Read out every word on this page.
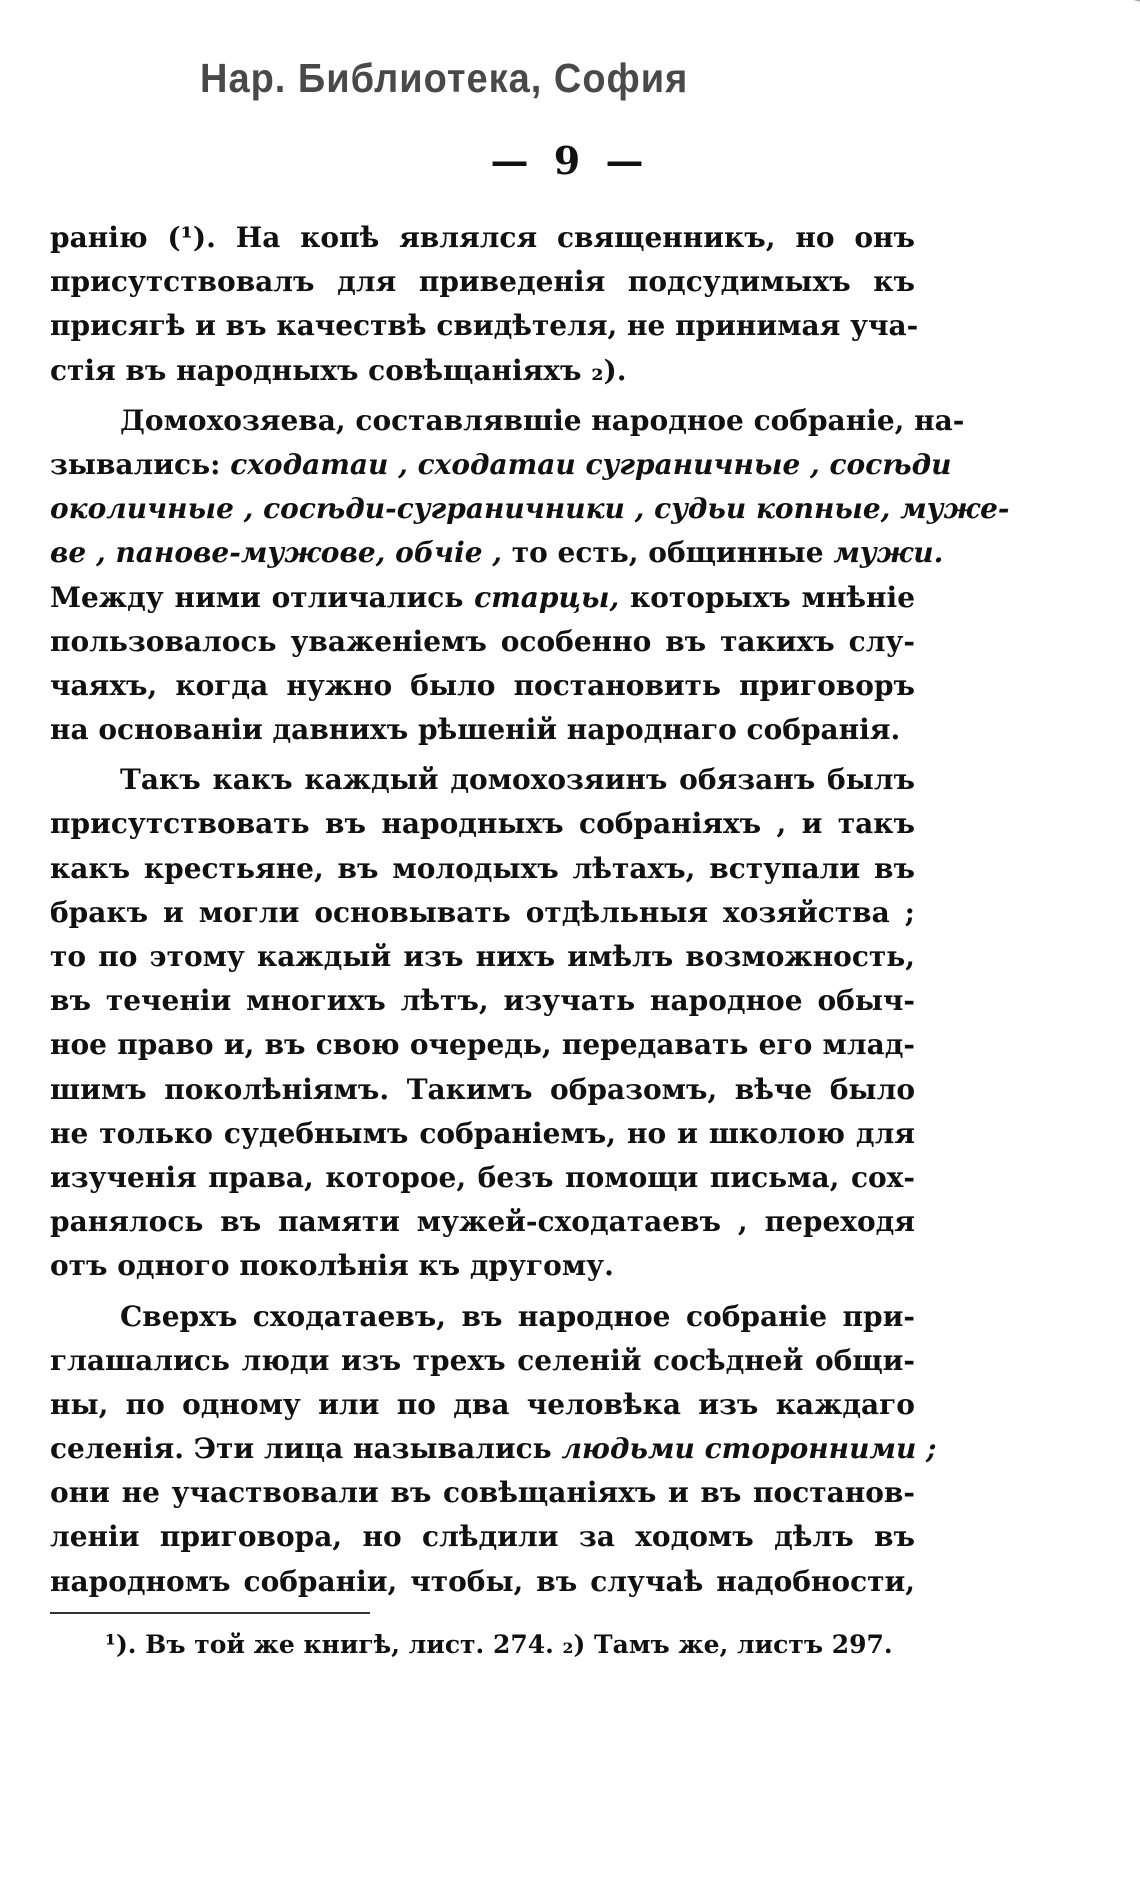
Нар. Библиотека, София
— 9 —
ранiю (¹). На копѣ являлся священникъ, но онъ
присутствовалъ для приведенiя подсудимыхъ къ
присягѣ и въ качествѣ свидѣтеля, не принимая уча-
стiя въ народныхъ совѣщанiяхъ ₂).
Домохозяева, составлявшiе народное собранiе, на-
зывались: сходатаи , сходатаи сугpаничные , сосѣди
околичные , сосѣди-сугpаничники , судьи копные, муже-
ве , панове-мужове, обчiе , то есть, общинные мужи.
Между ними отличались старцы, которыхъ мнѣнiе
пользовалось уваженiемъ особенно въ такихъ слу-
чаяхъ, когда нужно было постановить приговоръ
на основанiи давнихъ рѣшенiй народнаго собранiя.
Такъ какъ каждый домохозяинъ обязанъ былъ
присутствовать въ народныхъ собранiяхъ , и такъ
какъ крестьяне, въ молодыхъ лѣтахъ, вступали въ
бракъ и могли основывать отдѣльныя хозяйства ;
то по этому каждый изъ нихъ имѣлъ возможность,
въ теченiи многихъ лѣтъ, изучать народное обыч-
ное право и, въ свою очередь, передавать его млад-
шимъ поколѣнiямъ. Такимъ образомъ, вѣче было
не только судебнымъ собранiемъ, но и школою для
изученiя права, которое, безъ помощи письма, сох-
ранялось въ памяти мужей-сходатаевъ , переходя
отъ одного поколѣнiя къ другому.
Сверхъ сходатаевъ, въ народное собранiе при-
глашались люди изъ трехъ селенiй сосѣдней общи-
ны, по одному или по два человѣка изъ каждаго
селенiя. Эти лица назывались людьми сторонними ;
они не участвовали въ совѣщанiяхъ и въ постанов-
ленiи приговора, но слѣдили за ходомъ дѣлъ въ
народномъ собранiи, чтобы, въ случаѣ надобности,
¹). Въ той же книгѣ, лист. 274. ₂) Тамъ же, листъ 297.
